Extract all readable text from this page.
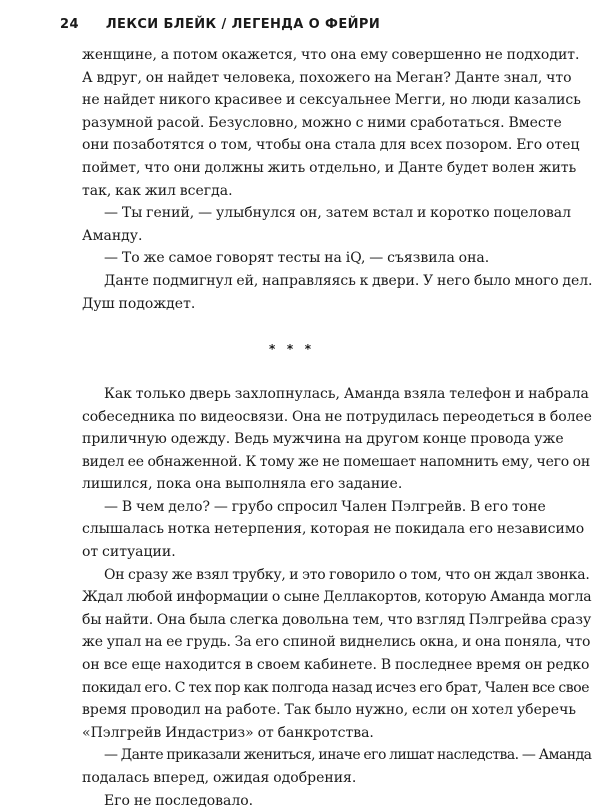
24 ЛЕКСИ БЛЕЙК / ЛЕГЕНДА О ФЕЙРИ

женщине, а потом окажется, что она ему совершенно не подходит.

А вдруг, он найдет человека, похожего на Меган? Данте знал, что

не найдет никого красивее и сексуальнее Мегги, но люди казались

разумной расой. Безусловно, можно с ними сработаться. Вместе

они позаботятся о том, чтобы она стала для всех позором. Его отец

поймет, что они должны жить отдельно, и Данте будет волен жить

так, как жил всегда.

— Ты гений, — улыбнулся он, затем встал и коротко поцеловал

Аманду.

— То же самое говорят тесты на iQ, — съязвила она.

Данте подмигнул ей, направляясь к двери. У него было много дел.

Душ подождет.

* * *

Как только дверь захлопнулась, Аманда взяла телефон и набрала

собеседника по видеосвязи. Она не потрудилась переодеться в более

приличную одежду. Ведь мужчина на другом конце провода уже

видел ее обнаженной. К тому же не помешает напомнить ему, чего он

лишился, пока она выполняла его задание.

— В чем дело? — грубо спросил Чален Пэлгрейв. В его тоне

слышалась нотка нетерпения, которая не покидала его независимо

от ситуации.

Он сразу же взял трубку, и это говорило о том, что он ждал звонка.

Ждал любой информации о сыне Деллакортов, которую Аманда могла

бы найти. Она была слегка довольна тем, что взгляд Пэлгрейва сразу

же упал на ее грудь. За его спиной виднелись окна, и она поняла, что

он все еще находится в своем кабинете. В последнее время он редко

покидал его. С тех пор как полгода назад исчез его брат, Чален все свое

время проводил на работе. Так было нужно, если он хотел уберечь

«Пэлгрейв Индастриз» от банкротства.

— Данте приказали жениться, иначе его лишат наследства. — Аманда

подалась вперед, ожидая одобрения.

Его не последовало.
